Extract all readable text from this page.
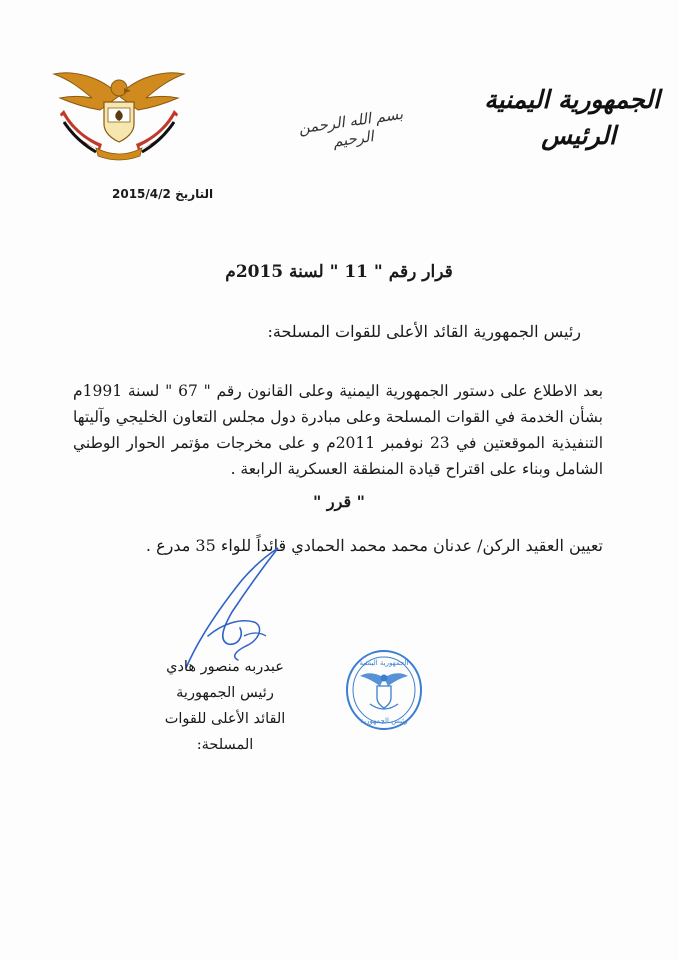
الجمهورية اليمنية
الرئيس
بسم الله الرحمن الرحيم
التاريخ 2015/4/2
قرار رقم " 11 " لسنة 2015م
رئيس الجمهورية القائد الأعلى للقوات المسلحة:
بعد الاطلاع على دستور الجمهورية اليمنية وعلى القانون رقم " 67 " لسنة 1991م بشأن الخدمة في القوات المسلحة وعلى مبادرة دول مجلس التعاون الخليجي وآليتها التنفيذية الموقعتين في 23 نوفمبر 2011م و على مخرجات مؤتمر الحوار الوطني الشامل وبناء على اقتراح قيادة المنطقة العسكرية الرابعة .
" قرر "
تعيين العقيد الركن/ عدنان محمد محمد الحمادي قائداً للواء 35 مدرع .
عبدربه منصور هادي
رئيس الجمهورية
القائد الأعلى للقوات المسلحة:
الجمهورية اليمنية
رئيس الجمهورية
